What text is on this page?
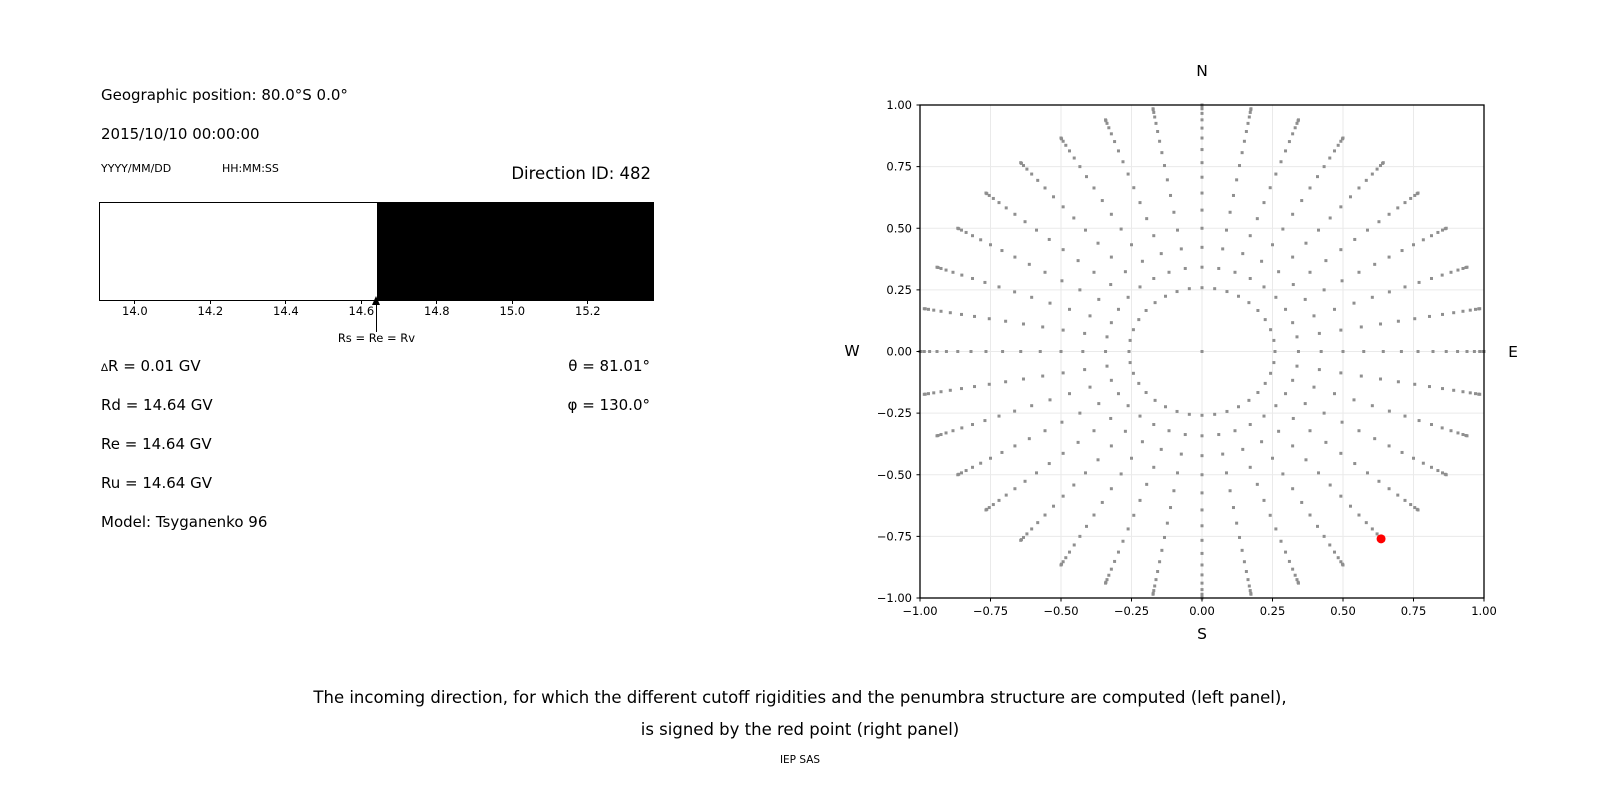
Geographic position: 80.0°S 0.0°
2015/10/10 00:00:00
YYYY/MM/DD	HH:MM:SS	Direction ID: 482
14.0	14.2	14.4	14.6	14.8	15.0	15.2
Rs = Re = Rv
∆R = 0.01 GV
Rd = 14.64 GV
Re = 14.64 GV
Ru = 14.64 GV
Model: Tsyganenko 96
θ = 81.01°
φ = 130.0°
−1.00
−1.00
−0.75
−0.75
−0.50
−0.50
−0.25
−0.25
0.00
0.00
0.25
0.25
0.50
0.50
0.75
0.75
1.00
1.00
N
S
W	E
The incoming direction, for which the different cutoff rigidities and the penumbra structure are computed (left panel),
is signed by the red point (right panel)
IEP SAS
